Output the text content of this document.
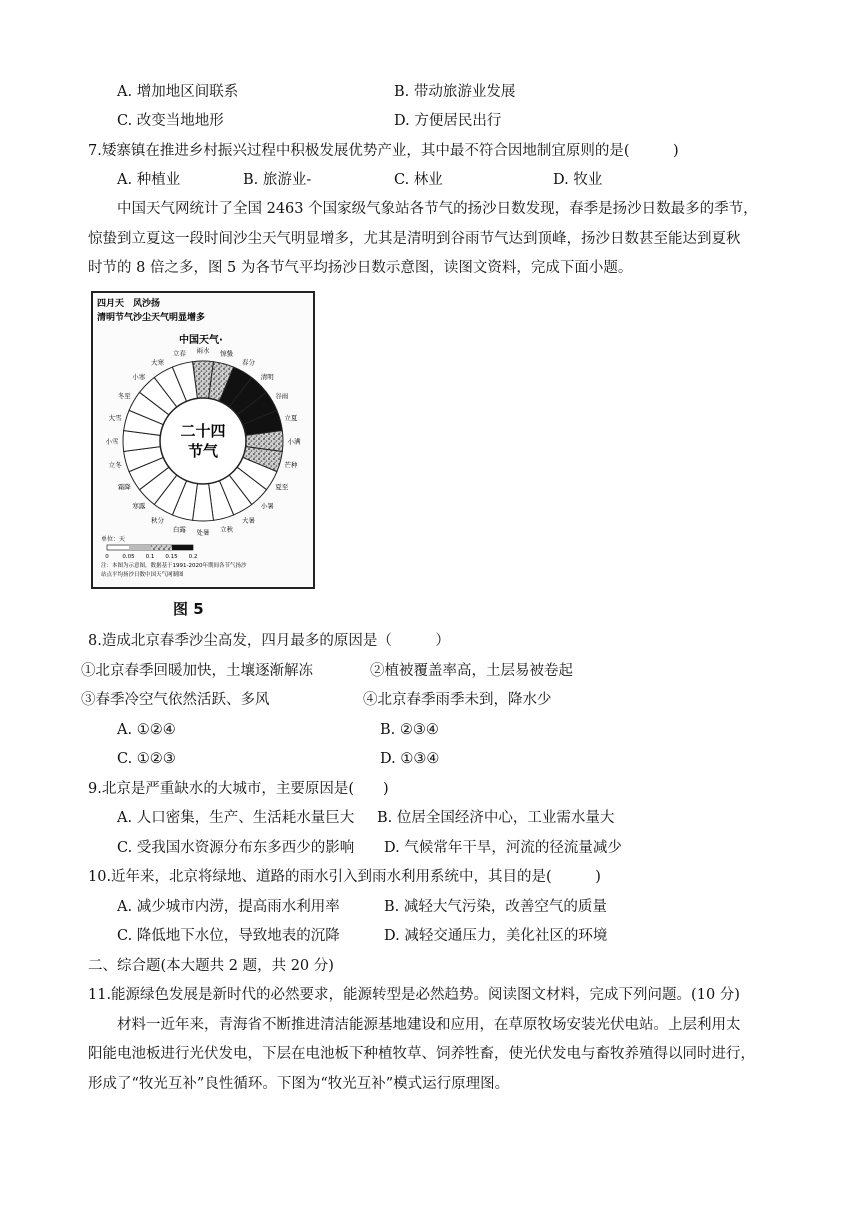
A. 增加地区间联系	B. 带动旅游业发展
C. 改变当地地形	D. 方便居民出行
7.矮寨镇在推进乡村振兴过程中积极发展优势产业，其中最不符合因地制宜原则的是(　　　)
A. 种植业	B. 旅游业-	C. 林业	D. 牧业
中国天气网统计了全国 2463 个国家级气象站各节气的扬沙日数发现，春季是扬沙日数最多的季节，
惊蛰到立夏这一段时间沙尘天气明显增多，尤其是清明到谷雨节气达到顶峰，扬沙日数甚至能达到夏秋
时节的 8 倍之多，图 5 为各节气平均扬沙日数示意图，读图文资料，完成下面小题。
四月天　风沙扬
清明节气沙尘天气明显增多
中国天气·
二十四
节气
雨水 惊蛰
春分
清明
谷雨
立夏
小满
芒种
夏至
小暑
大暑
立秋
处暑
白露
秋分
寒露
霜降
立冬
小雪
大雪
冬至
小寒
大寒
立春
单位：天
0 0.05 0.1 0.15 0.2
注：本图为示意图，数据基于1991-2020年期间各节气扬沙
站点平均扬沙日数中国天气网制图
图 5
8.造成北京春季沙尘高发，四月最多的原因是（　　　）
①北京春季回暖加快，土壤逐渐解冻	②植被覆盖率高，土层易被卷起
③春季冷空气依然活跃、多风	④北京春季雨季未到，降水少
A. ①②④	B. ②③④
C. ①②③	D. ①③④
9.北京是严重缺水的大城市，主要原因是(　　)
A. 人口密集，生产、生活耗水量巨大 B. 位居全国经济中心，工业需水量大
C. 受我国水资源分布东多西少的影响 D. 气候常年干旱，河流的径流量减少
10.近年来，北京将绿地、道路的雨水引入到雨水利用系统中，其目的是(　　　)
A. 减少城市内涝，提高雨水利用率	B. 减轻大气污染，改善空气的质量
C. 降低地下水位，导致地表的沉降	D. 减轻交通压力，美化社区的环境
二、综合题(本大题共 2 题，共 20 分)
11.能源绿色发展是新时代的必然要求，能源转型是必然趋势。阅读图文材料，完成下列问题。(10 分)
材料一近年来，青海省不断推进清洁能源基地建设和应用，在草原牧场安装光伏电站。上层利用太
阳能电池板进行光伏发电，下层在电池板下种植牧草、饲养牲畜，使光伏发电与畜牧养殖得以同时进行，
形成了“牧光互补”良性循环。下图为“牧光互补”模式运行原理图。
